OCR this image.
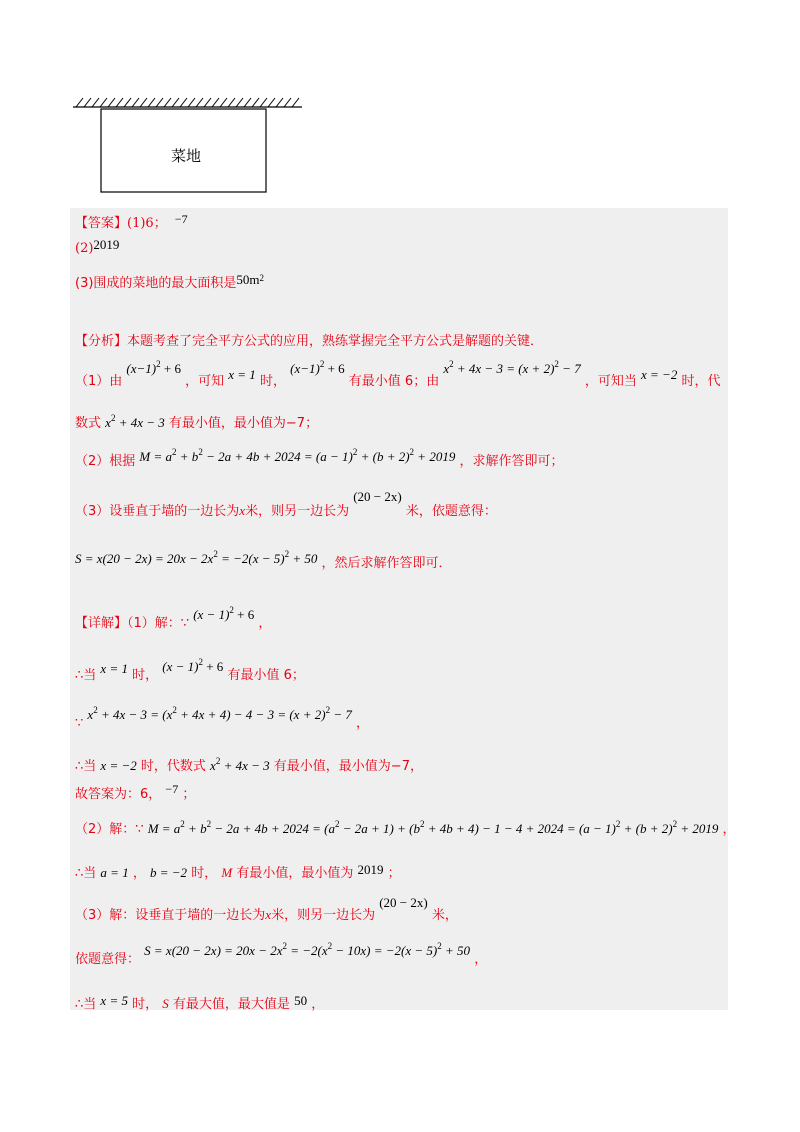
菜地
【答案】(1)6； −7
(2)2019
(3)围成的菜地的最大面积是$50m^2$
【分析】本题考查了完全平方公式的应用，熟练掌握完全平方公式是解题的关键．
（1）由 $(x-1)^2 + 6$ ，可知 x = 1 时， $(x-1)^2 + 6$ 有最小值 6；由 $x^2 + 4x - 3 = (x + 2)^2 - 7$ ，可知当 x = −2 时，代
数式 $x^2 + 4x - 3$ 有最小值，最小值为−7；
（2）根据 $M = a^2 + b^2 - 2a + 4b + 2024 = (a - 1)^2 + (b + 2)^2 + 2019$ ，求解作答即可；
（3）设垂直于墙的一边长为x米，则另一边长为 (20 − 2x) 米，依题意得：
$S = x(20 - 2x) = 20x - 2x^2 = -2(x - 5)^2 + 50$ ，然后求解作答即可．
【详解】（1）解：∵ $(x - 1)^2 + 6$ ，
∴当 x = 1 时， $(x - 1)^2 + 6$ 有最小值 6；
∵ $x^2 + 4x - 3 = (x^2 + 4x + 4) - 4 - 3 = (x + 2)^2 - 7$ ，
∴当 x = −2 时，代数式 $x^2 + 4x - 3$ 有最小值，最小值为−7，
故答案为：6， −7 ；
（2）解：∵ $M = a^2 + b^2 - 2a + 4b + 2024 = (a^2 - 2a + 1) + (b^2 + 4b + 4) - 1 - 4 + 2024 = (a - 1)^2 + (b + 2)^2 + 2019$ ，
∴当 a = 1 ， b = −2 时， M 有最小值，最小值为 2019 ；
（3）解：设垂直于墙的一边长为x米，则另一边长为 (20 − 2x) 米，
依题意得： $S = x(20 - 2x) = 20x - 2x^2 = -2(x^2 - 10x) = -2(x - 5)^2 + 50$ ，
∴当 x = 5 时， S 有最大值，最大值是 50 ，
